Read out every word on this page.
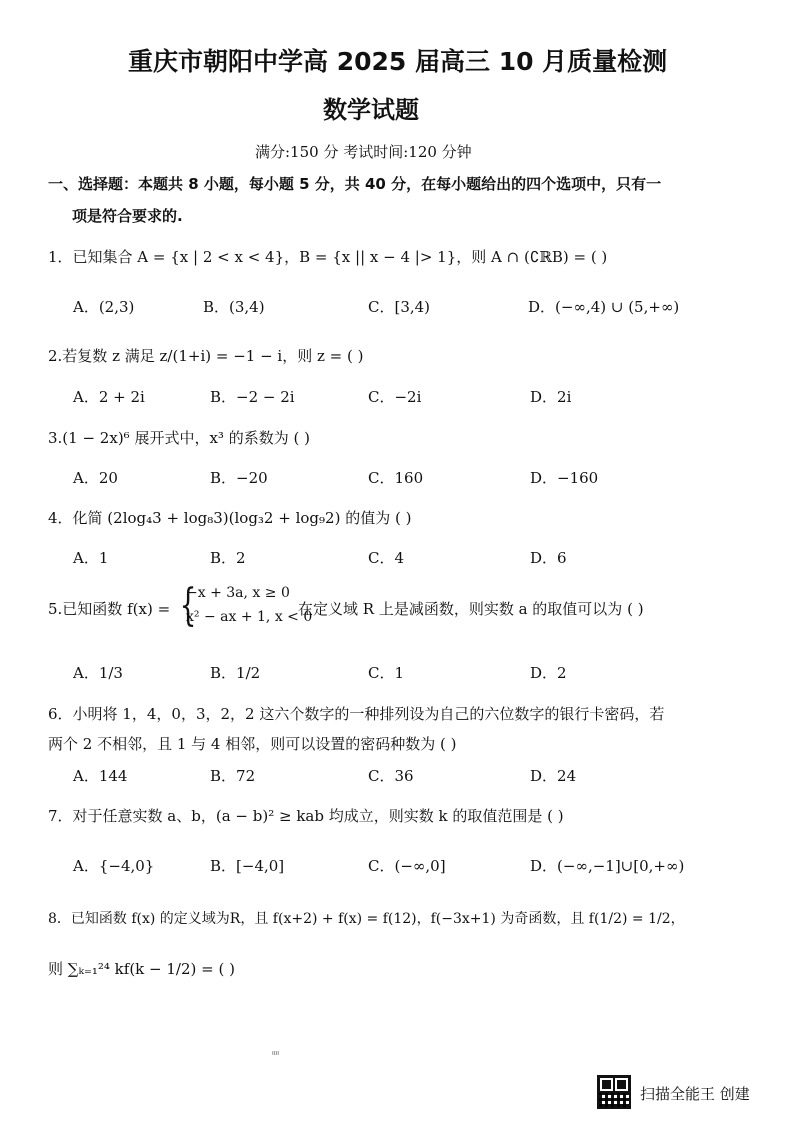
重庆市朝阳中学高 2025 届高三 10 月质量检测
数学试题
满分:150 分 考试时间:120 分钟
一、选择题：本题共 8 小题，每小题 5 分，共 40 分，在每小题给出的四个选项中，只有一
项是符合要求的.
1．已知集合 A = {x | 2 < x < 4}，B = {x || x − 4 |> 1}，则 A ∩ (∁ℝB) = ( )
A．(2,3)	B．(3,4)	C．[3,4)	D．(−∞,4) ∪ (5,+∞)
2.若复数 z 满足 z/(1+i) = −1 − i，则 z = ( )
A．2 + 2i	B．−2 − 2i	C．−2i	D．2i
3.(1 − 2x)⁶ 展开式中，x³ 的系数为 ( )
A．20	B．−20	C．160	D．−160
4．化简 (2log₄3 + log₈3)(log₃2 + log₉2) 的值为 ( )
A．1	B．2	C．4	D．6
5.已知函数 f(x) = {
−x + 3a, x ≥ 0
x² − ax + 1, x < 0
在定义域 R 上是减函数，则实数 a 的取值可以为 ( )
A．1/3	B．1/2	C．1	D．2
6．小明将 1，4，0，3，2，2 这六个数字的一种排列设为自己的六位数字的银行卡密码，若
两个 2 不相邻，且 1 与 4 相邻，则可以设置的密码种数为 ( )
A．144	B．72	C．36	D．24
7．对于任意实数 a、b，(a − b)² ≥ kab 均成立，则实数 k 的取值范围是 ( )
A．{−4,0}	B．[−4,0]	C．(−∞,0]	D．(−∞,−1]∪[0,+∞)
8．已知函数 f(x) 的定义域为R，且 f(x+2) + f(x) = f(12)，f(−3x+1) 为奇函数，且 f(1/2) = 1/2，
则 ∑ₖ₌₁²⁴ kf(k − 1/2) = ( )
ᴵᴵᴵᴵ
扫描全能王 创建
